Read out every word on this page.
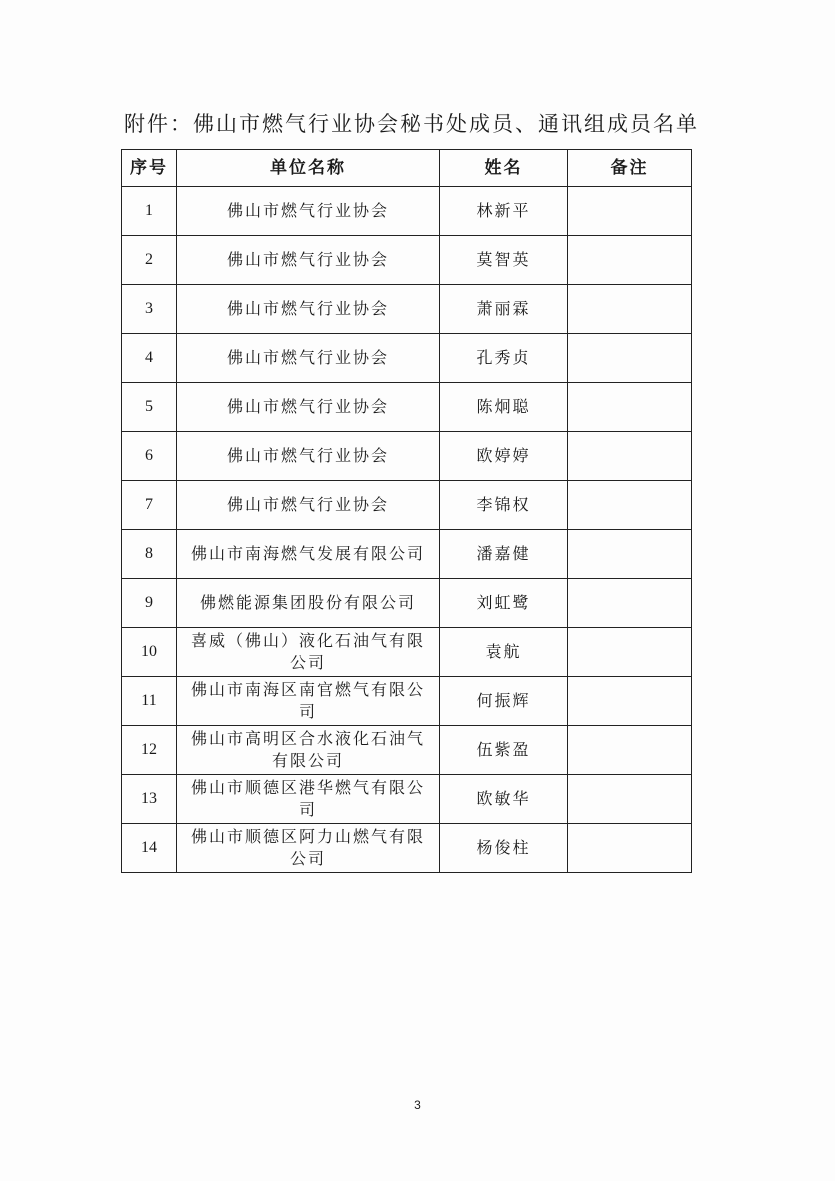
附件：佛山市燃气行业协会秘书处成员、通讯组成员名单
序号	单位名称	姓名	备注
1	佛山市燃气行业协会	林新平	
2	佛山市燃气行业协会	莫智英	
3	佛山市燃气行业协会	萧丽霖	
4	佛山市燃气行业协会	孔秀贞	
5	佛山市燃气行业协会	陈炯聪	
6	佛山市燃气行业协会	欧婷婷	
7	佛山市燃气行业协会	李锦权	
8	佛山市南海燃气发展有限公司	潘嘉健	
9	佛燃能源集团股份有限公司	刘虹鹭	
10	喜威（佛山）液化石油气有限公司	袁航	
11	佛山市南海区南官燃气有限公司	何振辉	
12	佛山市高明区合水液化石油气有限公司	伍紫盈	
13	佛山市顺德区港华燃气有限公司	欧敏华	
14	佛山市顺德区阿力山燃气有限公司	杨俊柱	
3
